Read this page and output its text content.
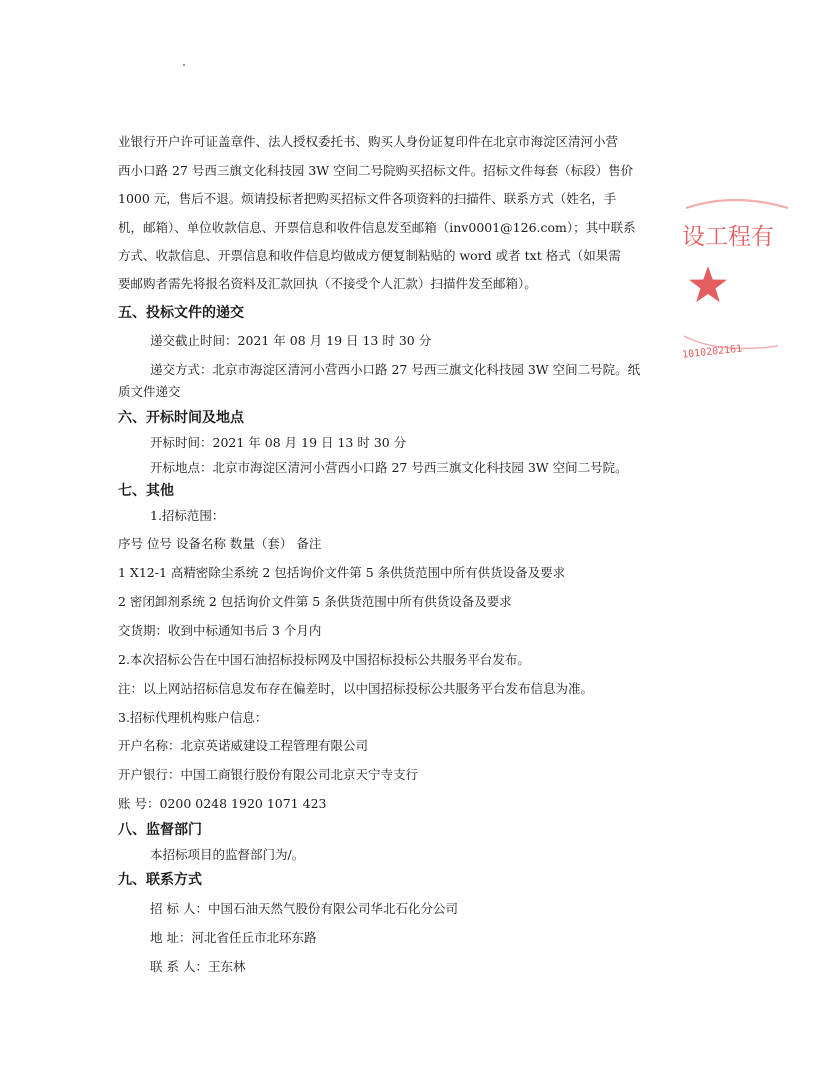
业银行开户许可证盖章件、法人授权委托书、购买人身份证复印件在北京市海淀区清河小营
西小口路 27 号西三旗文化科技园 3W 空间二号院购买招标文件。招标文件每套（标段）售价
1000 元，售后不退。烦请投标者把购买招标文件各项资料的扫描件、联系方式（姓名，手
机，邮箱）、单位收款信息、开票信息和收件信息发至邮箱（inv0001@126.com）；其中联系
方式、收款信息、开票信息和收件信息均做成方便复制粘贴的 word 或者 txt 格式（如果需
要邮购者需先将报名资料及汇款回执（不接受个人汇款）扫描件发至邮箱）。
五、投标文件的递交
递交截止时间：2021 年 08 月 19 日 13 时 30 分
递交方式：北京市海淀区清河小营西小口路 27 号西三旗文化科技园 3W 空间二号院。纸
质文件递交
六、开标时间及地点
开标时间：2021 年 08 月 19 日 13 时 30 分
开标地点：北京市海淀区清河小营西小口路 27 号西三旗文化科技园 3W 空间二号院。
七、其他
1.招标范围：
序号 位号 设备名称 数量（套） 备注
1 X12-1 高精密除尘系统 2 包括询价文件第 5 条供货范围中所有供货设备及要求
2 密闭卸剂系统 2 包括询价文件第 5 条供货范围中所有供货设备及要求
交货期：收到中标通知书后 3 个月内
2.本次招标公告在中国石油招标投标网及中国招标投标公共服务平台发布。
注：以上网站招标信息发布存在偏差时，以中国招标投标公共服务平台发布信息为准。
3.招标代理机构账户信息：
开户名称：北京英诺威建设工程管理有限公司
开户银行：中国工商银行股份有限公司北京天宁寺支行
账 号：0200 0248 1920 1071 423
八、监督部门
本招标项目的监督部门为/。
九、联系方式
招 标 人：中国石油天然气股份有限公司华北石化分公司
地 址：河北省任丘市北环东路
联 系 人：王东林
设工程有
1010202161
